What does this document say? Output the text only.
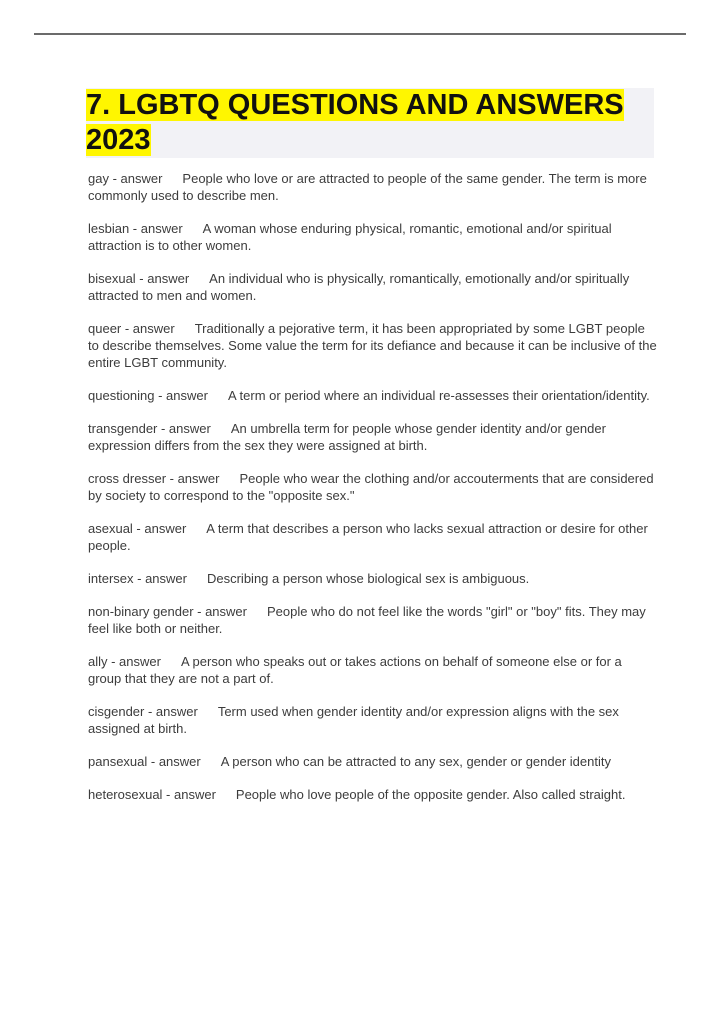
7. LGBTQ QUESTIONS AND ANSWERS 2023

gay - answer People who love or are attracted to people of the same gender. The term is more commonly used to describe men.

lesbian - answer A woman whose enduring physical, romantic, emotional and/or spiritual attraction is to other women.

bisexual - answer An individual who is physically, romantically, emotionally and/or spiritually attracted to men and women.

queer - answer Traditionally a pejorative term, it has been appropriated by some LGBT people to describe themselves. Some value the term for its defiance and because it can be inclusive of the entire LGBT community.

questioning - answer A term or period where an individual re-assesses their orientation/identity.

transgender - answer An umbrella term for people whose gender identity and/or gender expression differs from the sex they were assigned at birth.

cross dresser - answer People who wear the clothing and/or accouterments that are considered by society to correspond to the "opposite sex."

asexual - answer A term that describes a person who lacks sexual attraction or desire for other people.

intersex - answer Describing a person whose biological sex is ambiguous.

non-binary gender - answer People who do not feel like the words "girl" or "boy" fits. They may feel like both or neither.

ally - answer A person who speaks out or takes actions on behalf of someone else or for a group that they are not a part of.

cisgender - answer Term used when gender identity and/or expression aligns with the sex assigned at birth.

pansexual - answer A person who can be attracted to any sex, gender or gender identity

heterosexual - answer People who love people of the opposite gender. Also called straight.
